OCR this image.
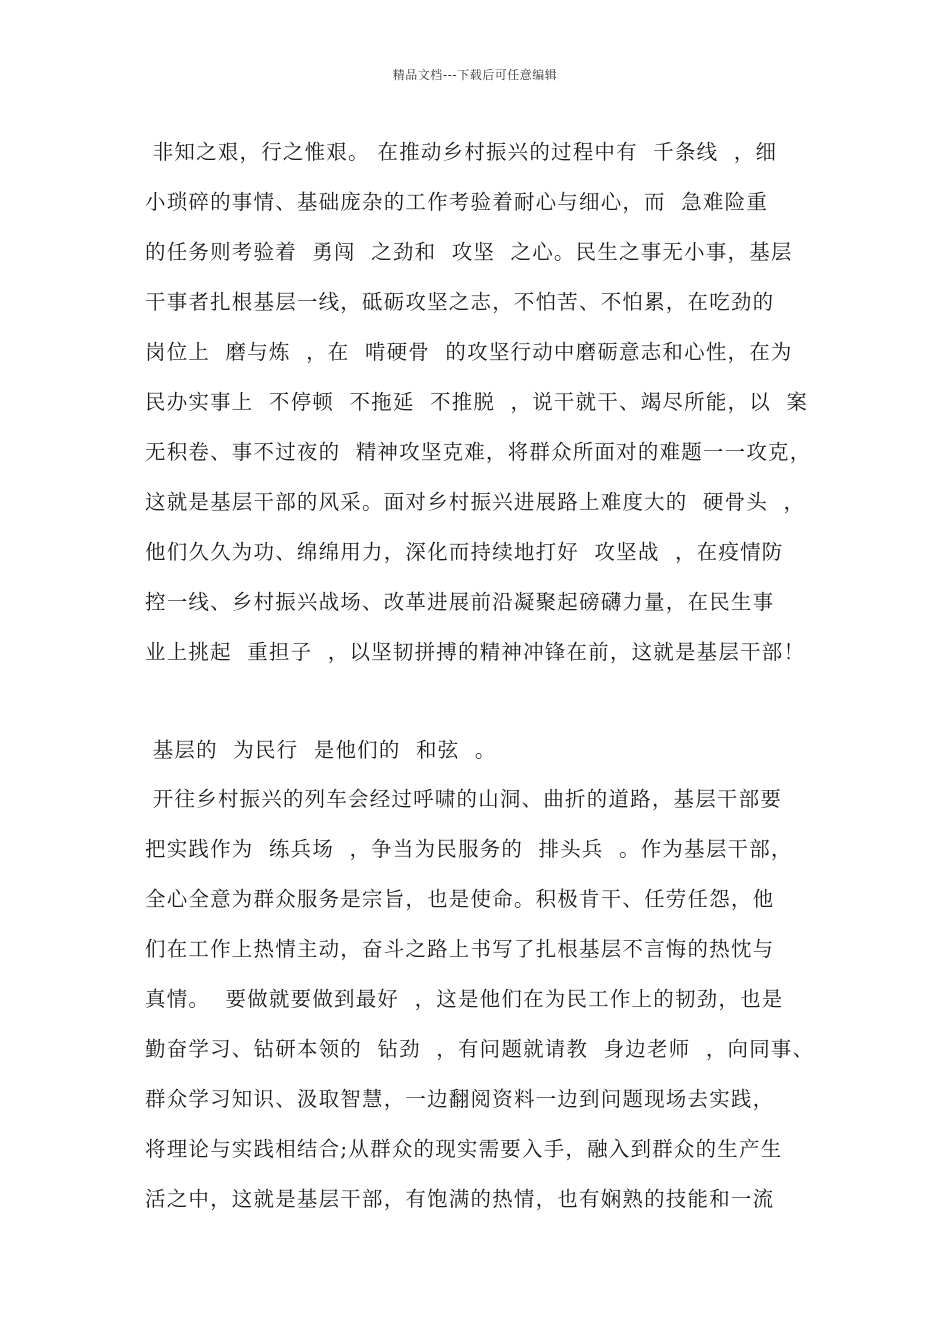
精品文档---下载后可任意编辑
非知之艰，行之惟艰。 在推动乡村振兴的过程中有  千条线  ，细
小琐碎的事情、基础庞杂的工作考验着耐心与细心，而  急难险重
的任务则考验着  勇闯  之劲和  攻坚  之心。民生之事无小事，基层
干事者扎根基层一线，砥砺攻坚之志，不怕苦、不怕累，在吃劲的
岗位上  磨与炼  ，在  啃硬骨  的攻坚行动中磨砺意志和心性，在为
民办实事上  不停顿  不拖延  不推脱  ，说干就干、竭尽所能，以  案
无积卷、事不过夜的  精神攻坚克难，将群众所面对的难题一一攻克，
这就是基层干部的风采。面对乡村振兴进展路上难度大的  硬骨头  ，
他们久久为功、绵绵用力，深化而持续地打好  攻坚战  ，在疫情防
控一线、乡村振兴战场、改革进展前沿凝聚起磅礴力量，在民生事
业上挑起  重担子  ，以坚韧拼搏的精神冲锋在前，这就是基层干部！
基层的  为民行  是他们的  和弦  。
开往乡村振兴的列车会经过呼啸的山洞、曲折的道路，基层干部要
把实践作为  练兵场  ，争当为民服务的  排头兵  。作为基层干部，
全心全意为群众服务是宗旨，也是使命。积极肯干、任劳任怨，他
们在工作上热情主动，奋斗之路上书写了扎根基层不言悔的热忱与
真情。  要做就要做到最好  ，这是他们在为民工作上的韧劲，也是
勤奋学习、钻研本领的  钻劲  ，有问题就请教  身边老师  ，向同事、
群众学习知识、汲取智慧，一边翻阅资料一边到问题现场去实践，
将理论与实践相结合;从群众的现实需要入手，融入到群众的生产生
活之中，这就是基层干部，有饱满的热情，也有娴熟的技能和一流
